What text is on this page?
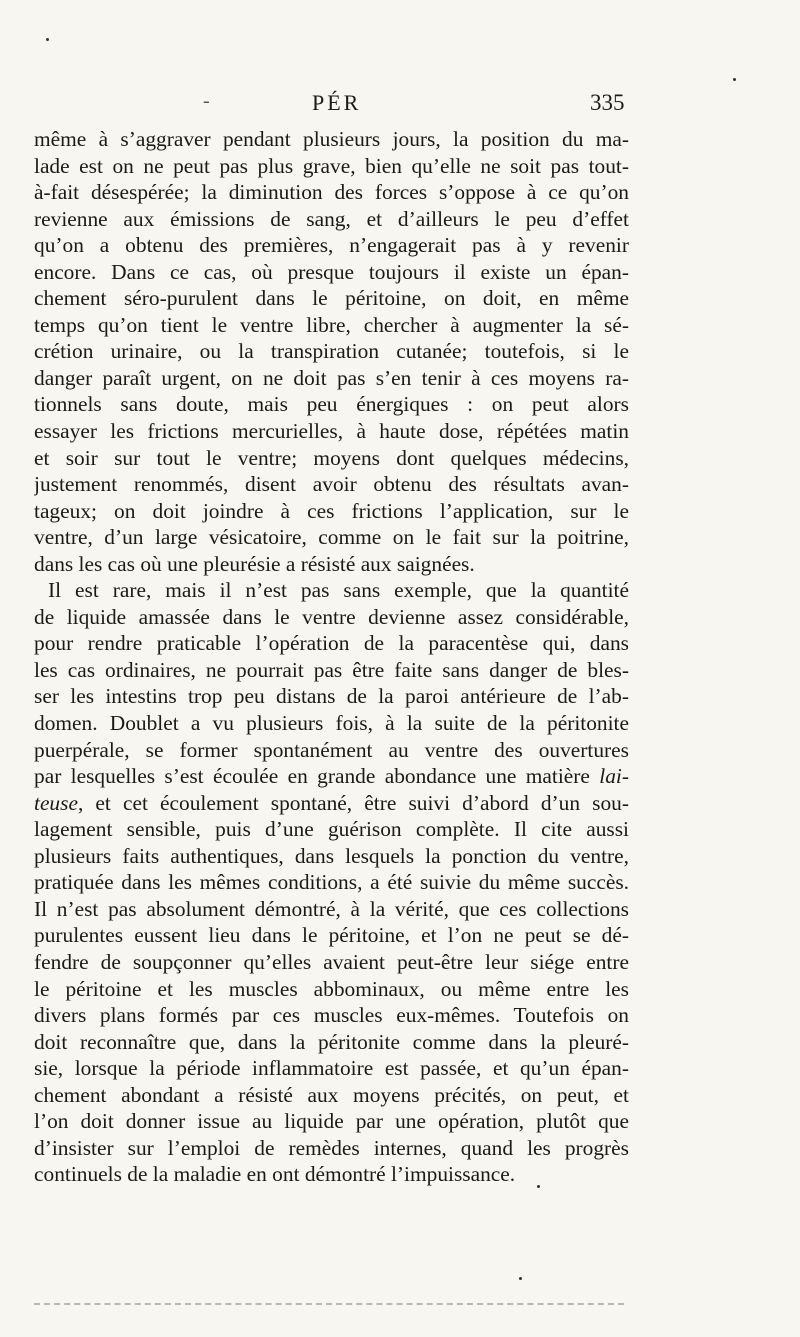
-	PÉR	335
même à s’aggraver pendant plusieurs jours, la position du ma-
lade est on ne peut pas plus grave, bien qu’elle ne soit pas tout-
à-fait désespérée; la diminution des forces s’oppose à ce qu’on
revienne aux émissions de sang, et d’ailleurs le peu d’effet
qu’on a obtenu des premières, n’engagerait pas à y revenir
encore. Dans ce cas, où presque toujours il existe un épan-
chement séro-purulent dans le péritoine, on doit, en même
temps qu’on tient le ventre libre, chercher à augmenter la sé-
crétion urinaire, ou la transpiration cutanée; toutefois, si le
danger paraît urgent, on ne doit pas s’en tenir à ces moyens ra-
tionnels sans doute, mais peu énergiques : on peut alors
essayer les frictions mercurielles, à haute dose, répétées matin
et soir sur tout le ventre; moyens dont quelques médecins,
justement renommés, disent avoir obtenu des résultats avan-
tageux; on doit joindre à ces frictions l’application, sur le
ventre, d’un large vésicatoire, comme on le fait sur la poitrine,
dans les cas où une pleurésie a résisté aux saignées.
Il est rare, mais il n’est pas sans exemple, que la quantité
de liquide amassée dans le ventre devienne assez considérable,
pour rendre praticable l’opération de la paracentèse qui, dans
les cas ordinaires, ne pourrait pas être faite sans danger de bles-
ser les intestins trop peu distans de la paroi antérieure de l’ab-
domen. Doublet a vu plusieurs fois, à la suite de la péritonite
puerpérale, se former spontanément au ventre des ouvertures
par lesquelles s’est écoulée en grande abondance une matière lai-
teuse, et cet écoulement spontané, être suivi d’abord d’un sou-
lagement sensible, puis d’une guérison complète. Il cite aussi
plusieurs faits authentiques, dans lesquels la ponction du ventre,
pratiquée dans les mêmes conditions, a été suivie du même succès.
Il n’est pas absolument démontré, à la vérité, que ces collections
purulentes eussent lieu dans le péritoine, et l’on ne peut se dé-
fendre de soupçonner qu’elles avaient peut-être leur siége entre
le péritoine et les muscles abbominaux, ou même entre les
divers plans formés par ces muscles eux-mêmes. Toutefois on
doit reconnaître que, dans la péritonite comme dans la pleuré-
sie, lorsque la période inflammatoire est passée, et qu’un épan-
chement abondant a résisté aux moyens précités, on peut, et
l’on doit donner issue au liquide par une opération, plutôt que
d’insister sur l’emploi de remèdes internes, quand les progrès
continuels de la maladie en ont démontré l’impuissance.
